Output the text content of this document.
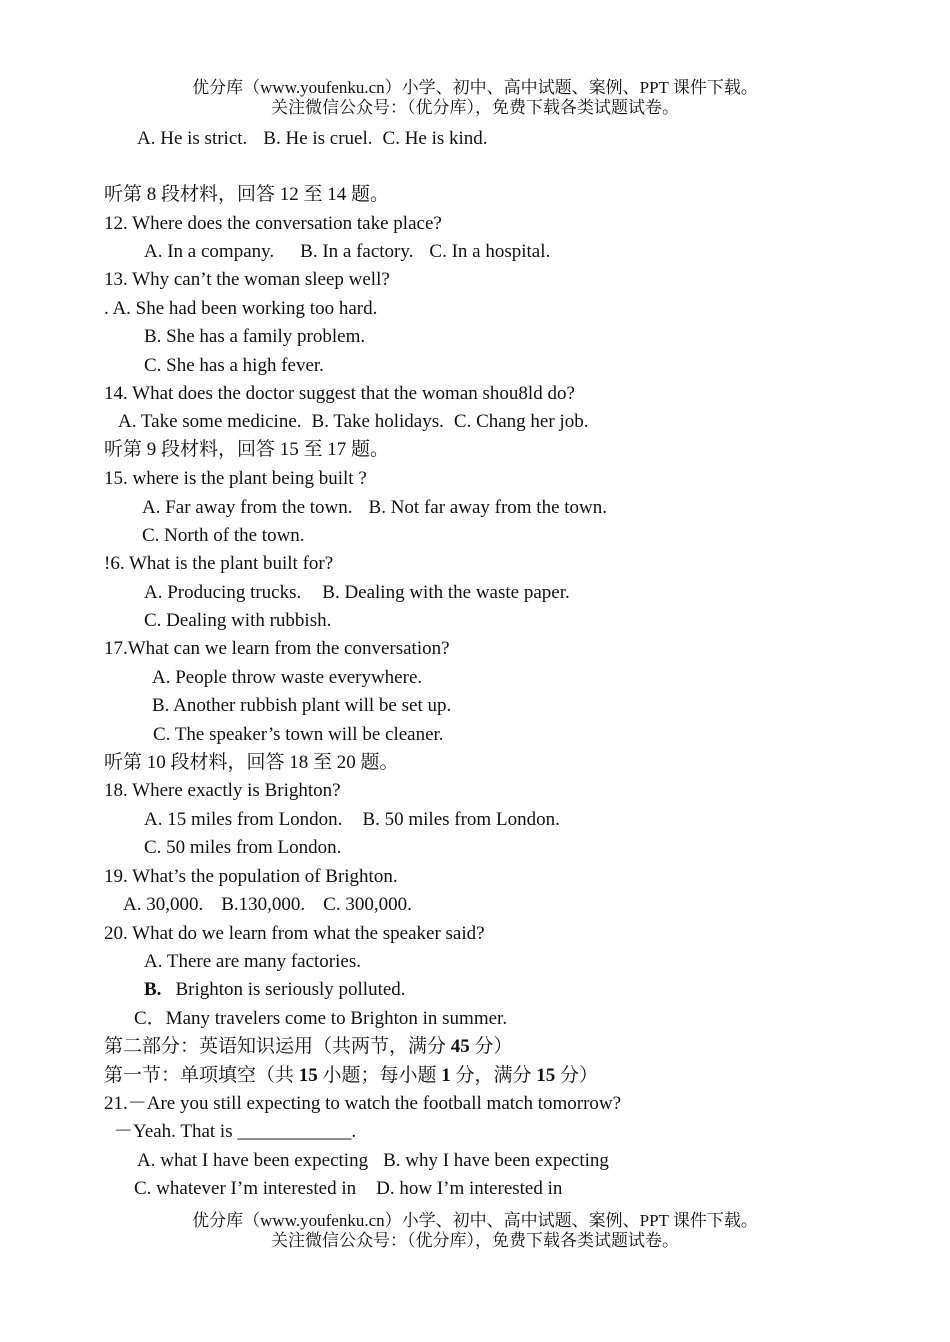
优分库（www.youfenku.cn）小学、初中、高中试题、案例、PPT 课件下载。
关注微信公众号：（优分库），免费下载各类试题试卷。
A. He is strict. B. He is cruel. C. He is kind.
听第 8 段材料，回答 12 至 14 题。
12. Where does the conversation take place?
A. In a company. B. In a factory. C. In a hospital.
13. Why can’t the woman sleep well?
. A. She had been working too hard.
B. She has a family problem.
C. She has a high fever.
14. What does the doctor suggest that the woman shou8ld do?
A. Take some medicine. B. Take holidays. C. Chang her job.
听第 9 段材料，回答 15 至 17 题。
15. where is the plant being built ?
A. Far away from the town. B. Not far away from the town.
C. North of the town.
!6. What is the plant built for?
A. Producing trucks. B. Dealing with the waste paper.
C. Dealing with rubbish.
17.What can we learn from the conversation?
A. People throw waste everywhere.
B. Another rubbish plant will be set up.
C. The speaker’s town will be cleaner.
听第 10 段材料，回答 18 至 20 题。
18. Where exactly is Brighton?
A. 15 miles from London. B. 50 miles from London.
C. 50 miles from London.
19. What’s the population of Brighton.
A. 30,000. B.130,000. C. 300,000.
20. What do we learn from what the speaker said?
A. There are many factories.
B. Brighton is seriously polluted.
C．Many travelers come to Brighton in summer.
第二部分：英语知识运用（共两节，满分 45 分）
第一节：单项填空（共 15 小题；每小题 1 分，满分 15 分）
21.－Are you still expecting to watch the football match tomorrow?
－Yeah. That is ____________.
A. what I have been expecting B. why I have been expecting
C. whatever I’m interested in D. how I’m interested in
优分库（www.youfenku.cn）小学、初中、高中试题、案例、PPT 课件下载。
关注微信公众号：（优分库），免费下载各类试题试卷。
